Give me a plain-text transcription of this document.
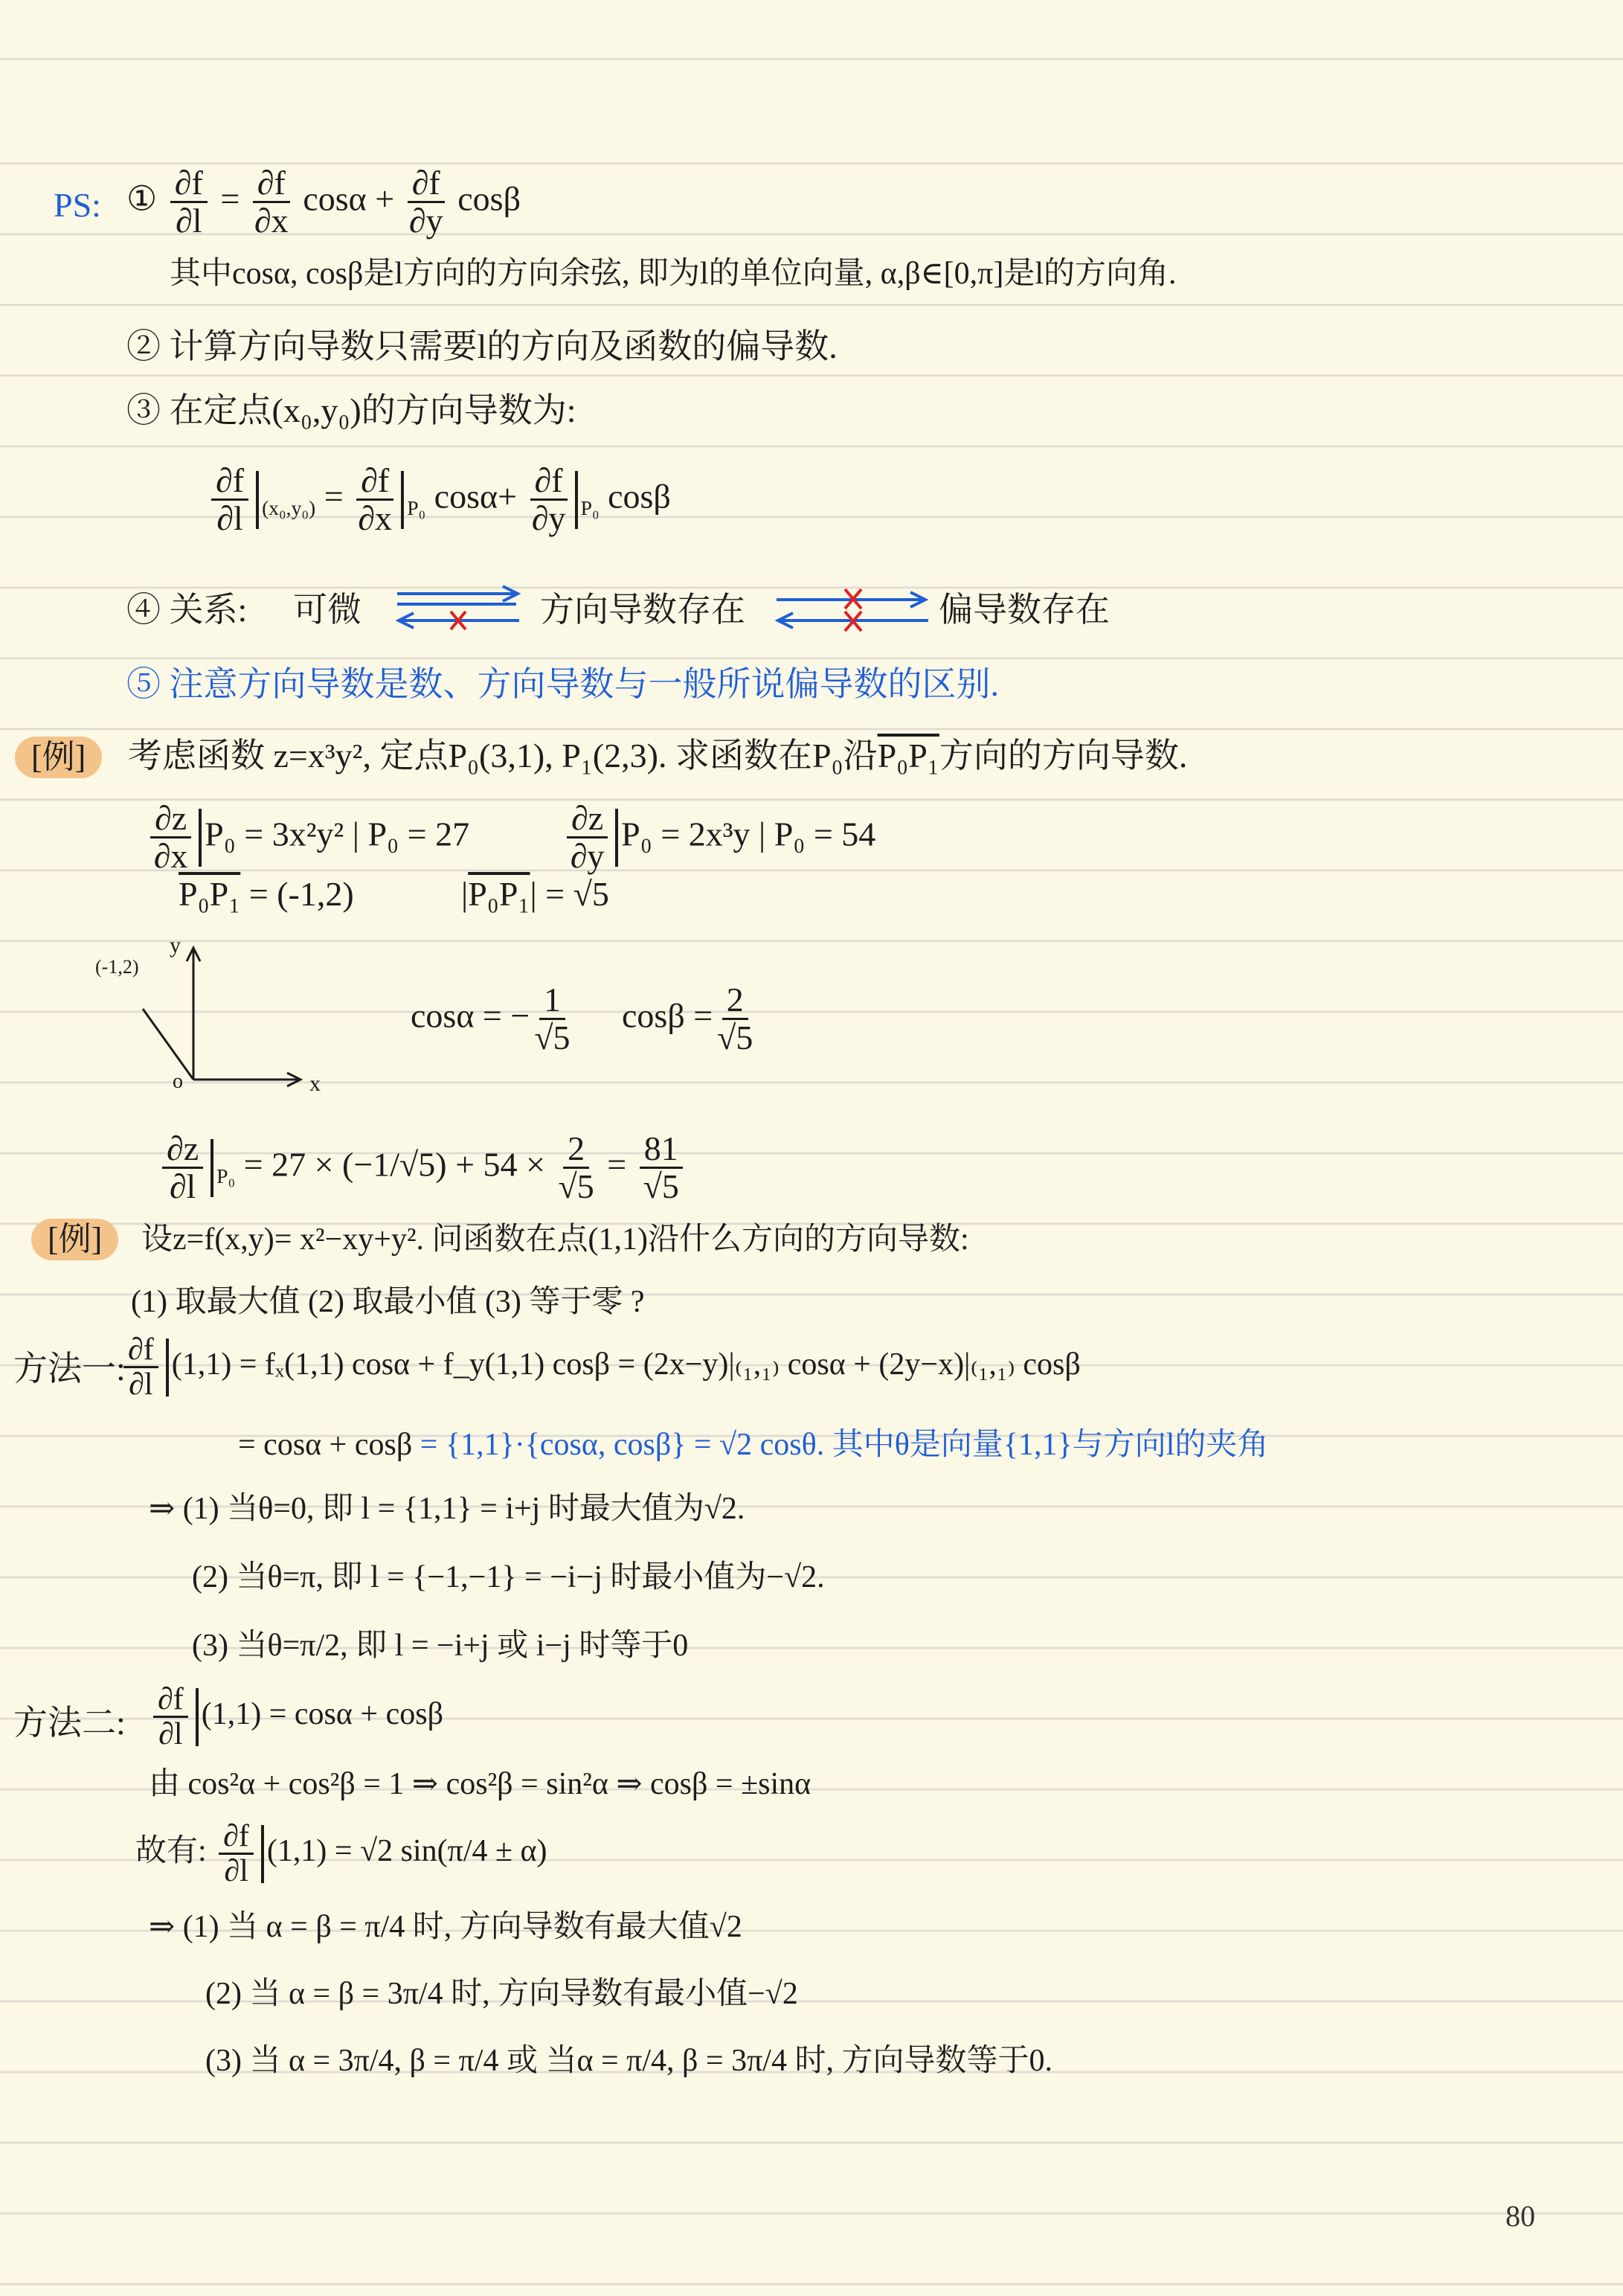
PS: ① $\frac{\partial f}{\partial l} = \frac{\partial f}{\partial x}$ $\cos\alpha + \frac{\partial f}{\partial y}$ cosβ
其中cosα, cosβ是l方向的方向余弦, 即为l的单位向量, α,β∈[0,π]是l的方向角.
② 计算方向导数只需要l的方向及函数的偏导数.
③ 在定点(x₀,y₀)的方向导数为:
$\frac{\partial f}{\partial l} _{(x_0,y_0)} = \frac{\partial f}{\partial x} _{P_0}$ $\cos\alpha+ \frac{\partial f}{\partial y} _{P_0}$ cosβ
④ 关系: 可微	方向导数存在	偏导数存在
⑤ 注意方向导数是数、方向导数与一般所说偏导数的区别.
[例]	考虑函数 z=x³y², 定点P₀(3,1), P₁(2,3). 求函数在P₀沿P₀P₁方向的方向导数.
$\frac{\partial z}{\partial x} P_0 = 3x^2y^2$ | P₀ = 27	$\frac{\partial z}{\partial y} P_0 = 2x^3y$ | P₀ = 54
P₀P₁ = (-1,2)	|P₀P₁| = √5
y
x
o
(-1,2)
cosα = − $\frac{1}{√5}$ $\cos\beta = \frac{2}{√5}$
$\frac{\partial z}{\partial l} _{P_0} = 27 \times (-1/√5) + 54 \times \frac{2}{√5} = \frac{81}{√5}$
[例]	设z=f(x,y)= x²−xy+y². 问函数在点(1,1)沿什么方向的方向导数:
(1) 取最大值 (2) 取最小值 (3) 等于零 ?
方法一:
$\frac{\partial f}{\partial l} (1,1) = f_x(1,1) \cos\alpha$ + f_y(1,1) cosβ = (2x−y)|₍₁,₁₎ cosα + (2y−x)|₍₁,₁₎ cosβ
= cosα + cosβ = {1,1}·{cosα, cosβ} = √2 cosθ. 其中θ是向量{1,1}与方向l的夹角
⇒ (1) 当θ=0, 即 l = {1,1} = i+j 时最大值为√2.
(2) 当θ=π, 即 l = {−1,−1} = −i−j 时最小值为−√2.
(3) 当θ=π/2, 即 l = −i+j 或 i−j 时等于0
方法二: $\frac{\partial f}{\partial l} (1,1) = \cos\alpha + \cos\beta$
由 cos²α + cos²β = 1 ⇒ cos²β = sin²α ⇒ cosβ = ±sinα
故有: $\frac{\partial f}{\partial l} (1,1) = √2$ sin(π/4 ± α)
⇒ (1) 当 α = β = π/4 时, 方向导数有最大值√2
(2) 当 α = β = 3π/4 时, 方向导数有最小值−√2
(3) 当 α = 3π/4, β = π/4 或 当α = π/4, β = 3π/4 时, 方向导数等于0.
80
